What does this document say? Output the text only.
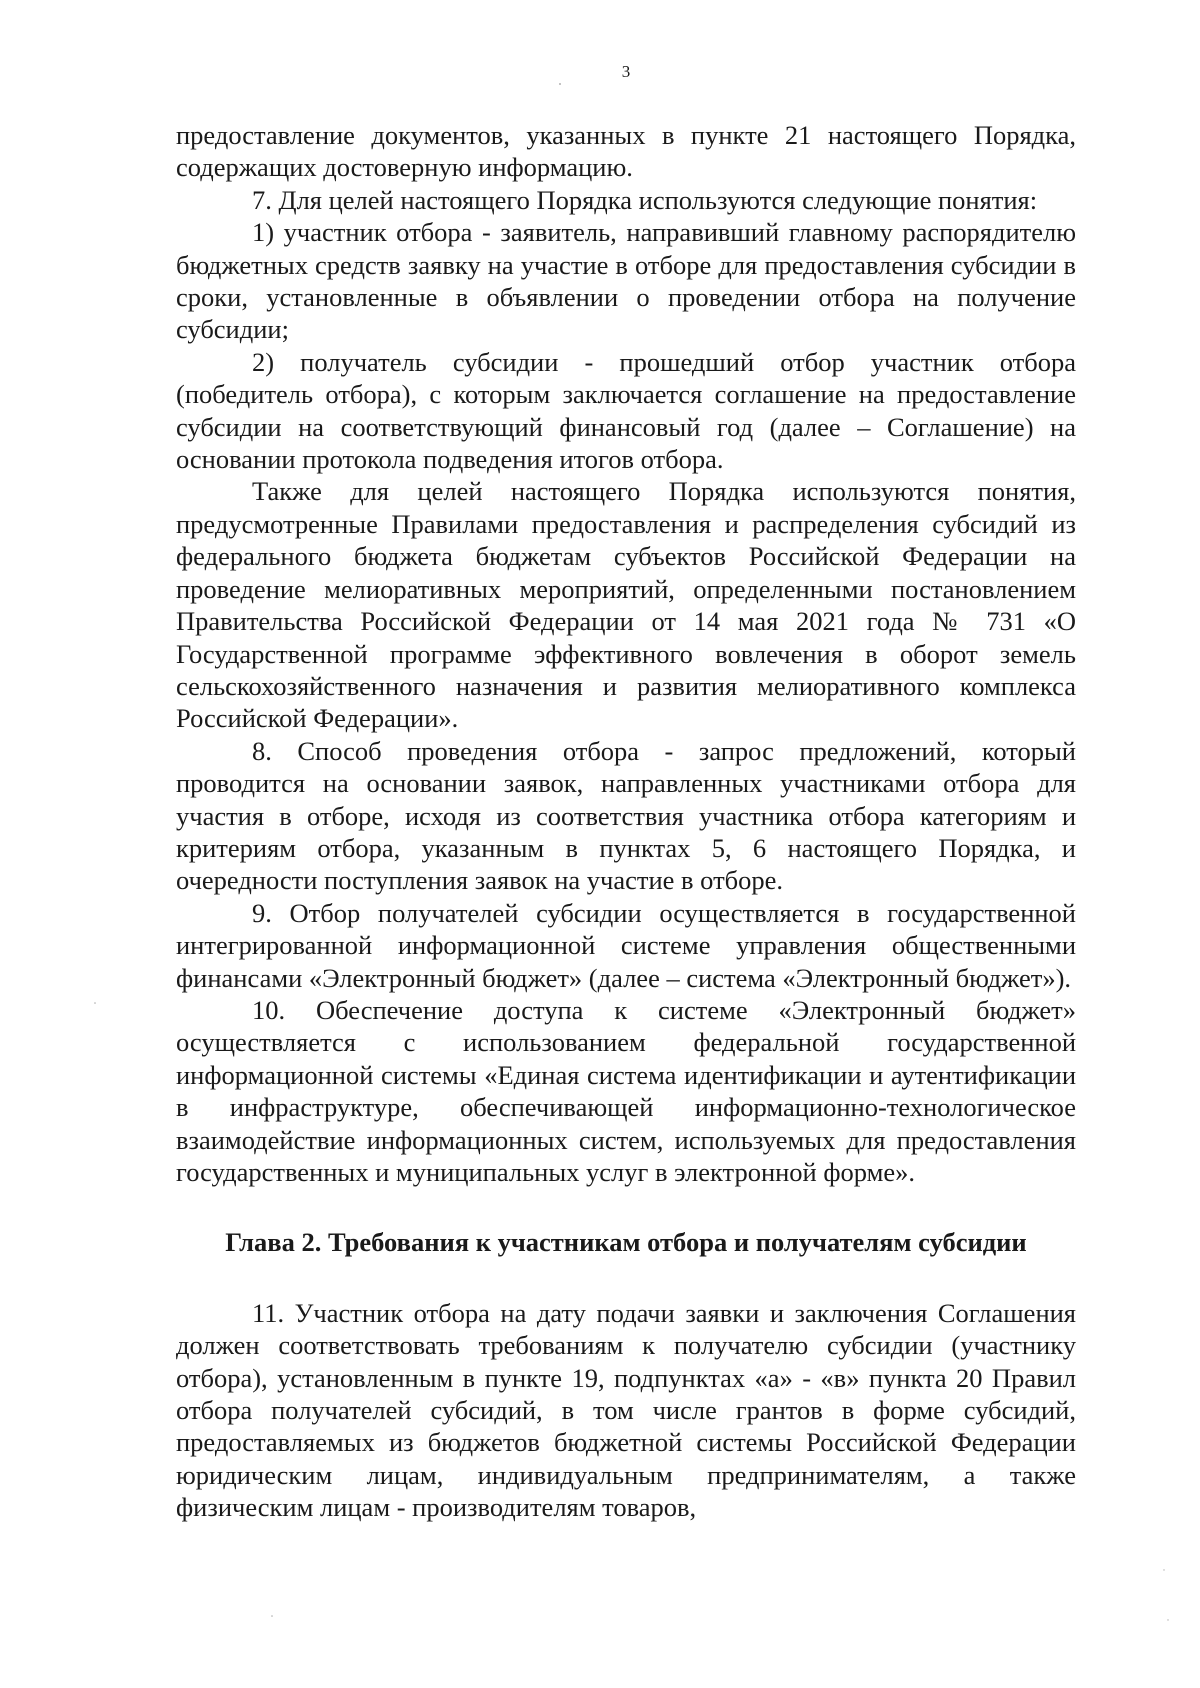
3

предоставление документов, указанных в пункте 21 настоящего Порядка, содержащих достоверную информацию.

7. Для целей настоящего Порядка используются следующие понятия:

1) участник отбора - заявитель, направивший главному распорядителю бюджетных средств заявку на участие в отборе для предоставления субсидии в сроки, установленные в объявлении о проведении отбора на получение субсидии;

2) получатель субсидии - прошедший отбор участник отбора (победитель отбора), с которым заключается соглашение на предоставление субсидии на соответствующий финансовый год (далее – Соглашение) на основании протокола подведения итогов отбора.

Также для целей настоящего Порядка используются понятия, предусмотренные Правилами предоставления и распределения субсидий из федерального бюджета бюджетам субъектов Российской Федерации на проведение мелиоративных мероприятий, определенными постановлением Правительства Российской Федерации от 14 мая 2021 года № 731 «О Государственной программе эффективного вовлечения в оборот земель сельскохозяйственного назначения и развития мелиоративного комплекса Российской Федерации».

8. Способ проведения отбора - запрос предложений, который проводится на основании заявок, направленных участниками отбора для участия в отборе, исходя из соответствия участника отбора категориям и критериям отбора, указанным в пунктах 5, 6 настоящего Порядка, и очередности поступления заявок на участие в отборе.

9. Отбор получателей субсидии осуществляется в государственной интегрированной информационной системе управления общественными финансами «Электронный бюджет» (далее – система «Электронный бюджет»).

10. Обеспечение доступа к системе «Электронный бюджет» осуществляется с использованием федеральной государственной информационной системы «Единая система идентификации и аутентификации в инфраструктуре, обеспечивающей информационно-технологическое взаимодействие информационных систем, используемых для предоставления государственных и муниципальных услуг в электронной форме».

Глава 2. Требования к участникам отбора и получателям субсидии

11. Участник отбора на дату подачи заявки и заключения Соглашения должен соответствовать требованиям к получателю субсидии (участнику отбора), установленным в пункте 19, подпунктах «а» - «в» пункта 20 Правил отбора получателей субсидий, в том числе грантов в форме субсидий, предоставляемых из бюджетов бюджетной системы Российской Федерации юридическим лицам, индивидуальным предпринимателям, а также физическим лицам - производителям товаров,
